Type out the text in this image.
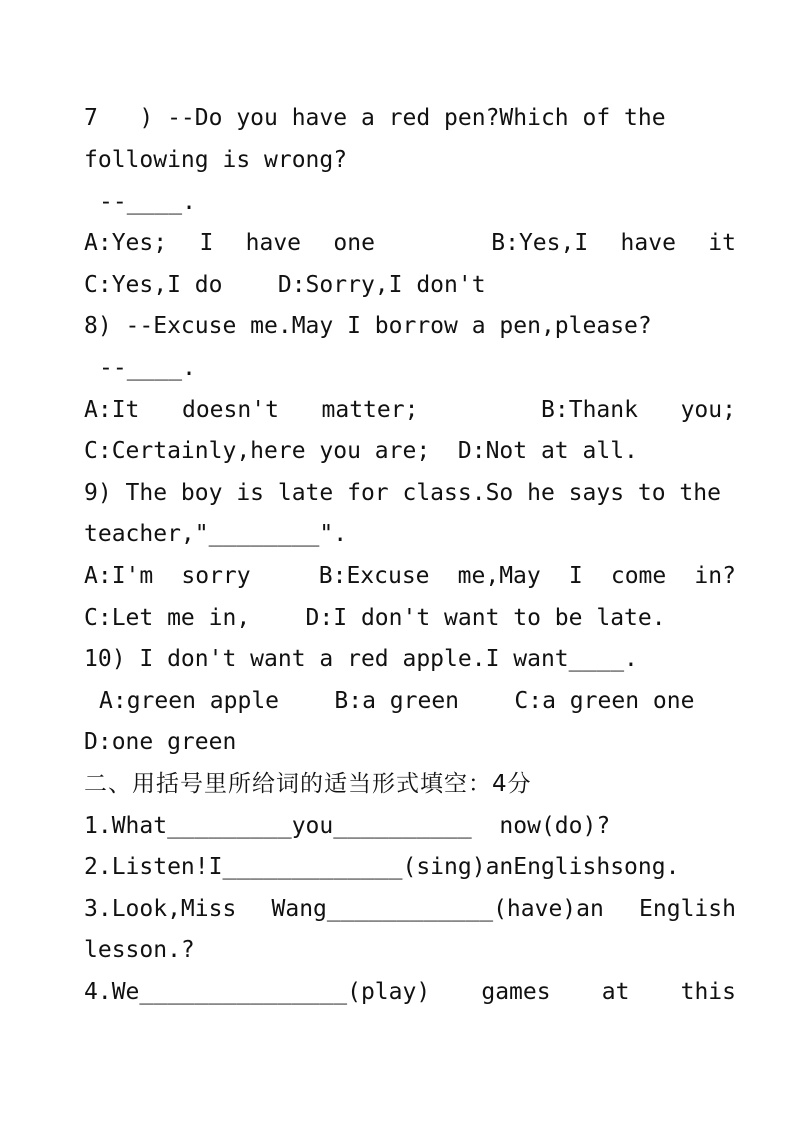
7   ) --Do you have a red pen?Which of the
following is wrong?
--____.
A:Yes; I have one	B:Yes,I have it
C:Yes,I do    D:Sorry,I don't
8) --Excuse me.May I borrow a pen,please?
--____.
A:It doesn't matter;	B:Thank you;
C:Certainly,here you are;  D:Not at all.
9) The boy is late for class.So he says to the
teacher,"________".
A:I'm sorry	B:Excuse me,May I come in?
C:Let me in,    D:I don't want to be late.
10) I don't want a red apple.I want____.
A:green apple    B:a green    C:a green one
D:one green
二、用括号里所给词的适当形式填空：4分
1.What_________you__________  now(do)?
2.Listen!I_____________(sing)anEnglishsong.
3.Look,Miss Wang____________(have)an English
lesson.?
4.We_______________(play) games at this
